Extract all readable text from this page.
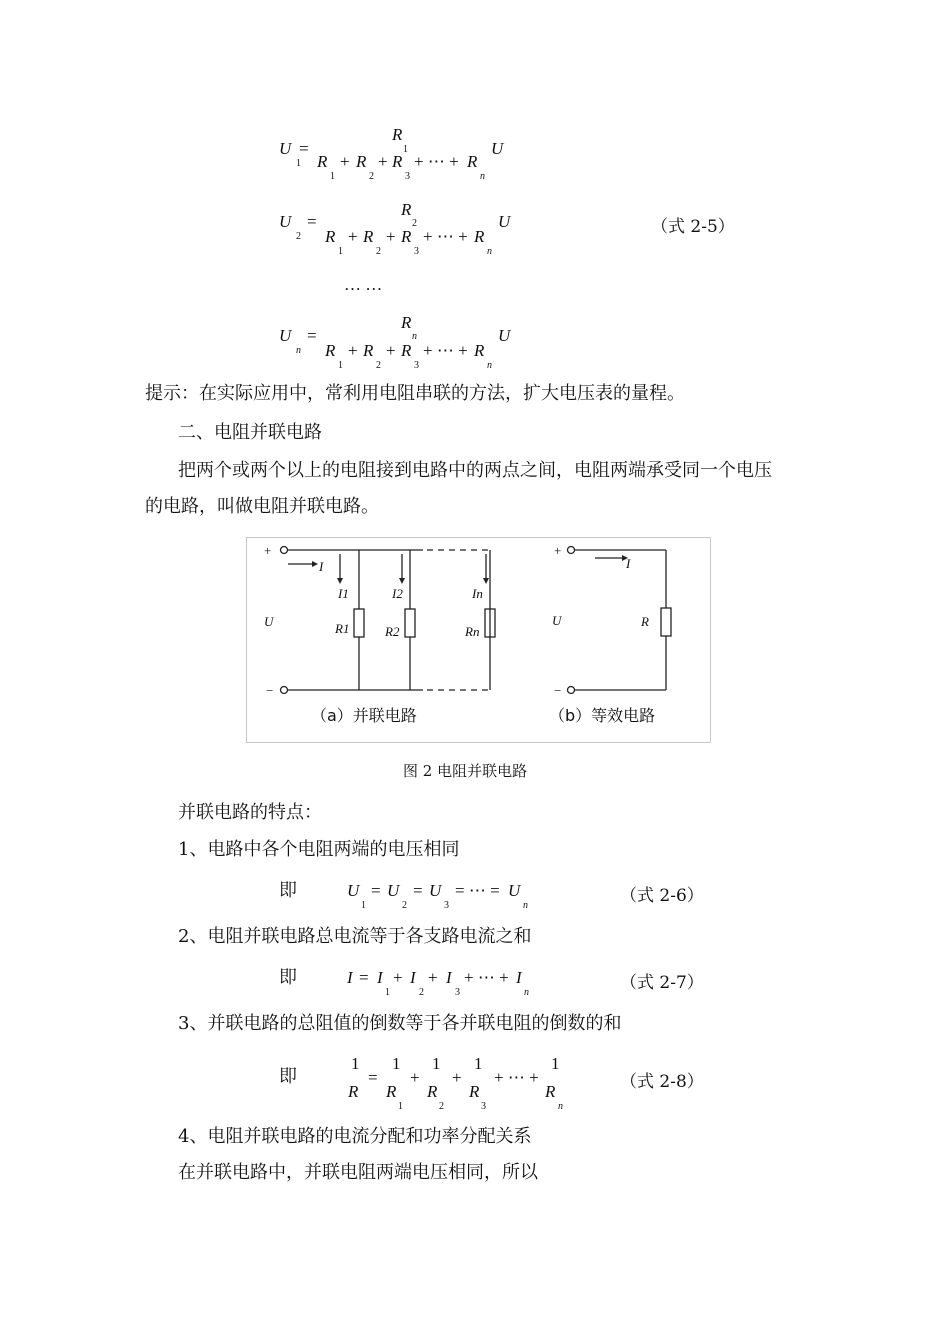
U
1
=
R
1
R
1
+ R
2
+ R
3
+ ⋯ + R
n
U
U
2
=
R
2
R
1
+ R
2
+ R
3
+ ⋯ + R
n
U	（式 2-5）
… …
U
n
=
R
n
R
1
+ R
2
+ R
3
+ ⋯ + R
n
U
提示：在实际应用中，常利用电阻串联的方法，扩大电压表的量程。
二、电阻并联电路
把两个或两个以上的电阻接到电路中的两点之间，电阻两端承受同一个电压
的电路，叫做电阻并联电路。
+
−
+
−
I
U
I1	I2	In
R1	R2	Rn
I
U	R
（a）并联电路	（b）等效电路
图 2 电阻并联电路
并联电路的特点：
1、电路中各个电阻两端的电压相同
即	U
1
= U
2
= U
3
= ⋯ = U
n	（式 2-6）
2、电阻并联电路总电流等于各支路电流之和
即	I = I
1
+ I
2
+ I
3
+ ⋯ + I
n	（式 2-7）
3、并联电路的总阻值的倒数等于各并联电阻的倒数的和
即
1
R
=
1
R
1
+
1
R
2
+
1
R
3
+ ⋯ +
1
R
n
（式 2-8）
4、电阻并联电路的电流分配和功率分配关系
在并联电路中，并联电阻两端电压相同，所以
